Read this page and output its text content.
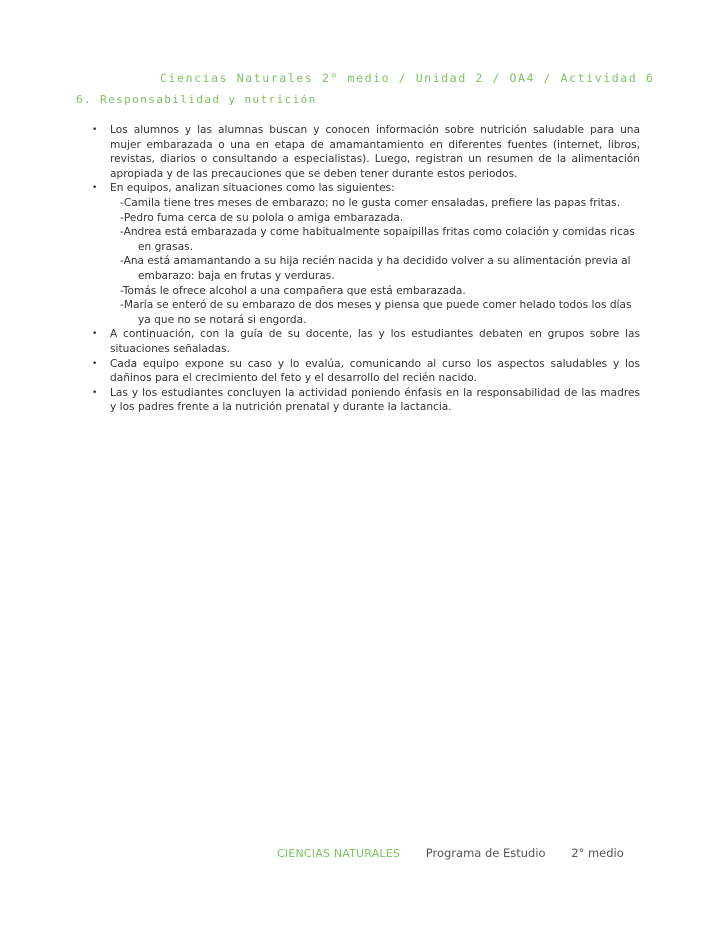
Ciencias Naturales 2° medio / Unidad 2 / OA4 / Actividad 6
6. Responsabilidad y nutrición
• Los alumnos y las alumnas buscan y conocen información sobre nutrición saludable para una mujer embarazada o una en etapa de amamantamiento en diferentes fuentes (internet, libros, revistas, diarios o consultando a especialistas). Luego, registran un resumen de la alimentación apropiada y de las precauciones que se deben tener durante estos periodos.
• En equipos, analizan situaciones como las siguientes:
-Camila tiene tres meses de embarazo; no le gusta comer ensaladas, prefiere las papas fritas.
-Pedro fuma cerca de su polola o amiga embarazada.
-Andrea está embarazada y come habitualmente sopaipillas fritas como colación y comidas ricas en grasas.
-Ana está amamantando a su hija recién nacida y ha decidido volver a su alimentación previa al embarazo: baja en frutas y verduras.
-Tomás le ofrece alcohol a una compañera que está embarazada.
-María se enteró de su embarazo de dos meses y piensa que puede comer helado todos los días ya que no se notará si engorda.
• A continuación, con la guía de su docente, las y los estudiantes debaten en grupos sobre las situaciones señaladas.
• Cada equipo expone su caso y lo evalúa, comunicando al curso los aspectos saludables y los dañinos para el crecimiento del feto y el desarrollo del recién nacido.
• Las y los estudiantes concluyen la actividad poniendo énfasis en la responsabilidad de las madres y los padres frente a la nutrición prenatal y durante la lactancia.
CIENCIAS NATURALES Programa de Estudio 2° medio
